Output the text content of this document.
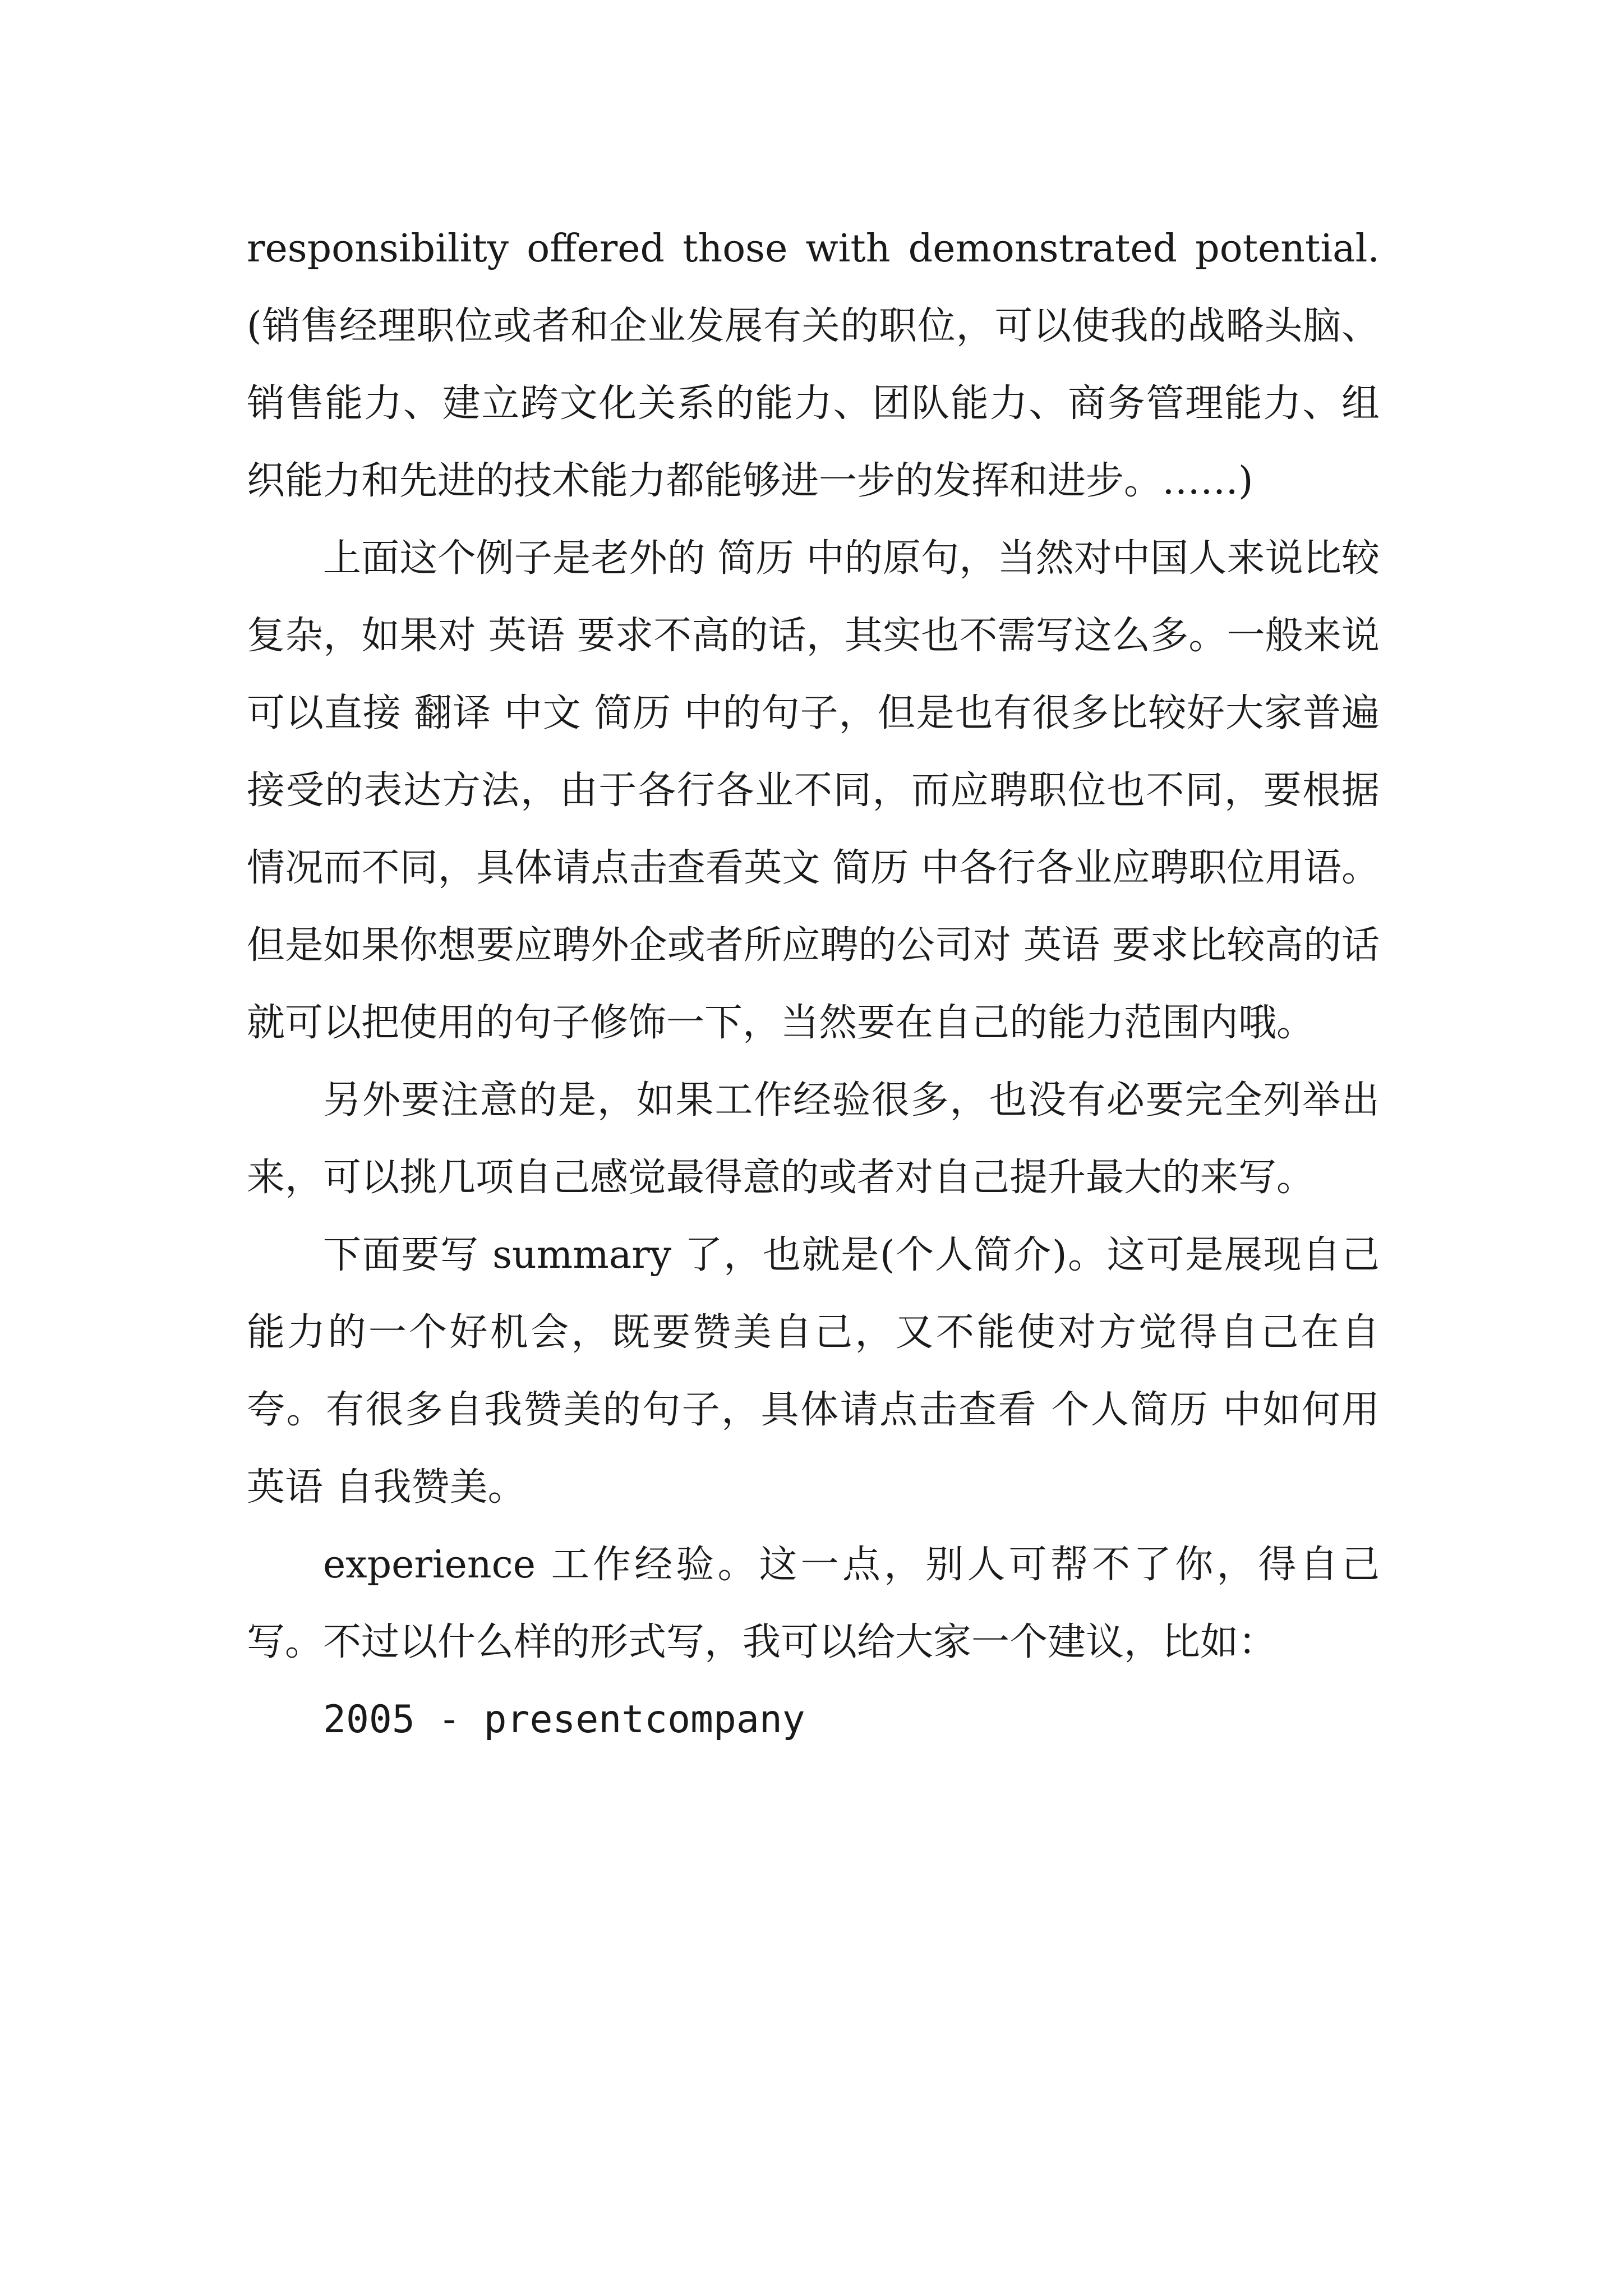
responsibility offered those with demonstrated potential. (销售经理职位或者和企业发展有关的职位，可以使我的战略头脑、销售能力、建立跨文化关系的能力、团队能力、商务管理能力、组织能力和先进的技术能力都能够进一步的发挥和进步。……)

上面这个例子是老外的 简历 中的原句，当然对中国人来说比较复杂，如果对 英语 要求不高的话，其实也不需写这么多。一般来说可以直接 翻译 中文 简历 中的句子，但是也有很多比较好大家普遍接受的表达方法，由于各行各业不同，而应聘职位也不同，要根据情况而不同，具体请点击查看英文 简历 中各行各业应聘职位用语。但是如果你想要应聘外企或者所应聘的公司对 英语 要求比较高的话就可以把使用的句子修饰一下，当然要在自己的能力范围内哦。

另外要注意的是，如果工作经验很多，也没有必要完全列举出来，可以挑几项自己感觉最得意的或者对自己提升最大的来写。

下面要写 summary 了，也就是(个人简介)。这可是展现自己能力的一个好机会，既要赞美自己，又不能使对方觉得自己在自夸。有很多自我赞美的句子，具体请点击查看 个人简历 中如何用 英语 自我赞美。

experience 工作经验。这一点，别人可帮不了你，得自己写。不过以什么样的形式写，我可以给大家一个建议，比如：

2005 - presentcompany
